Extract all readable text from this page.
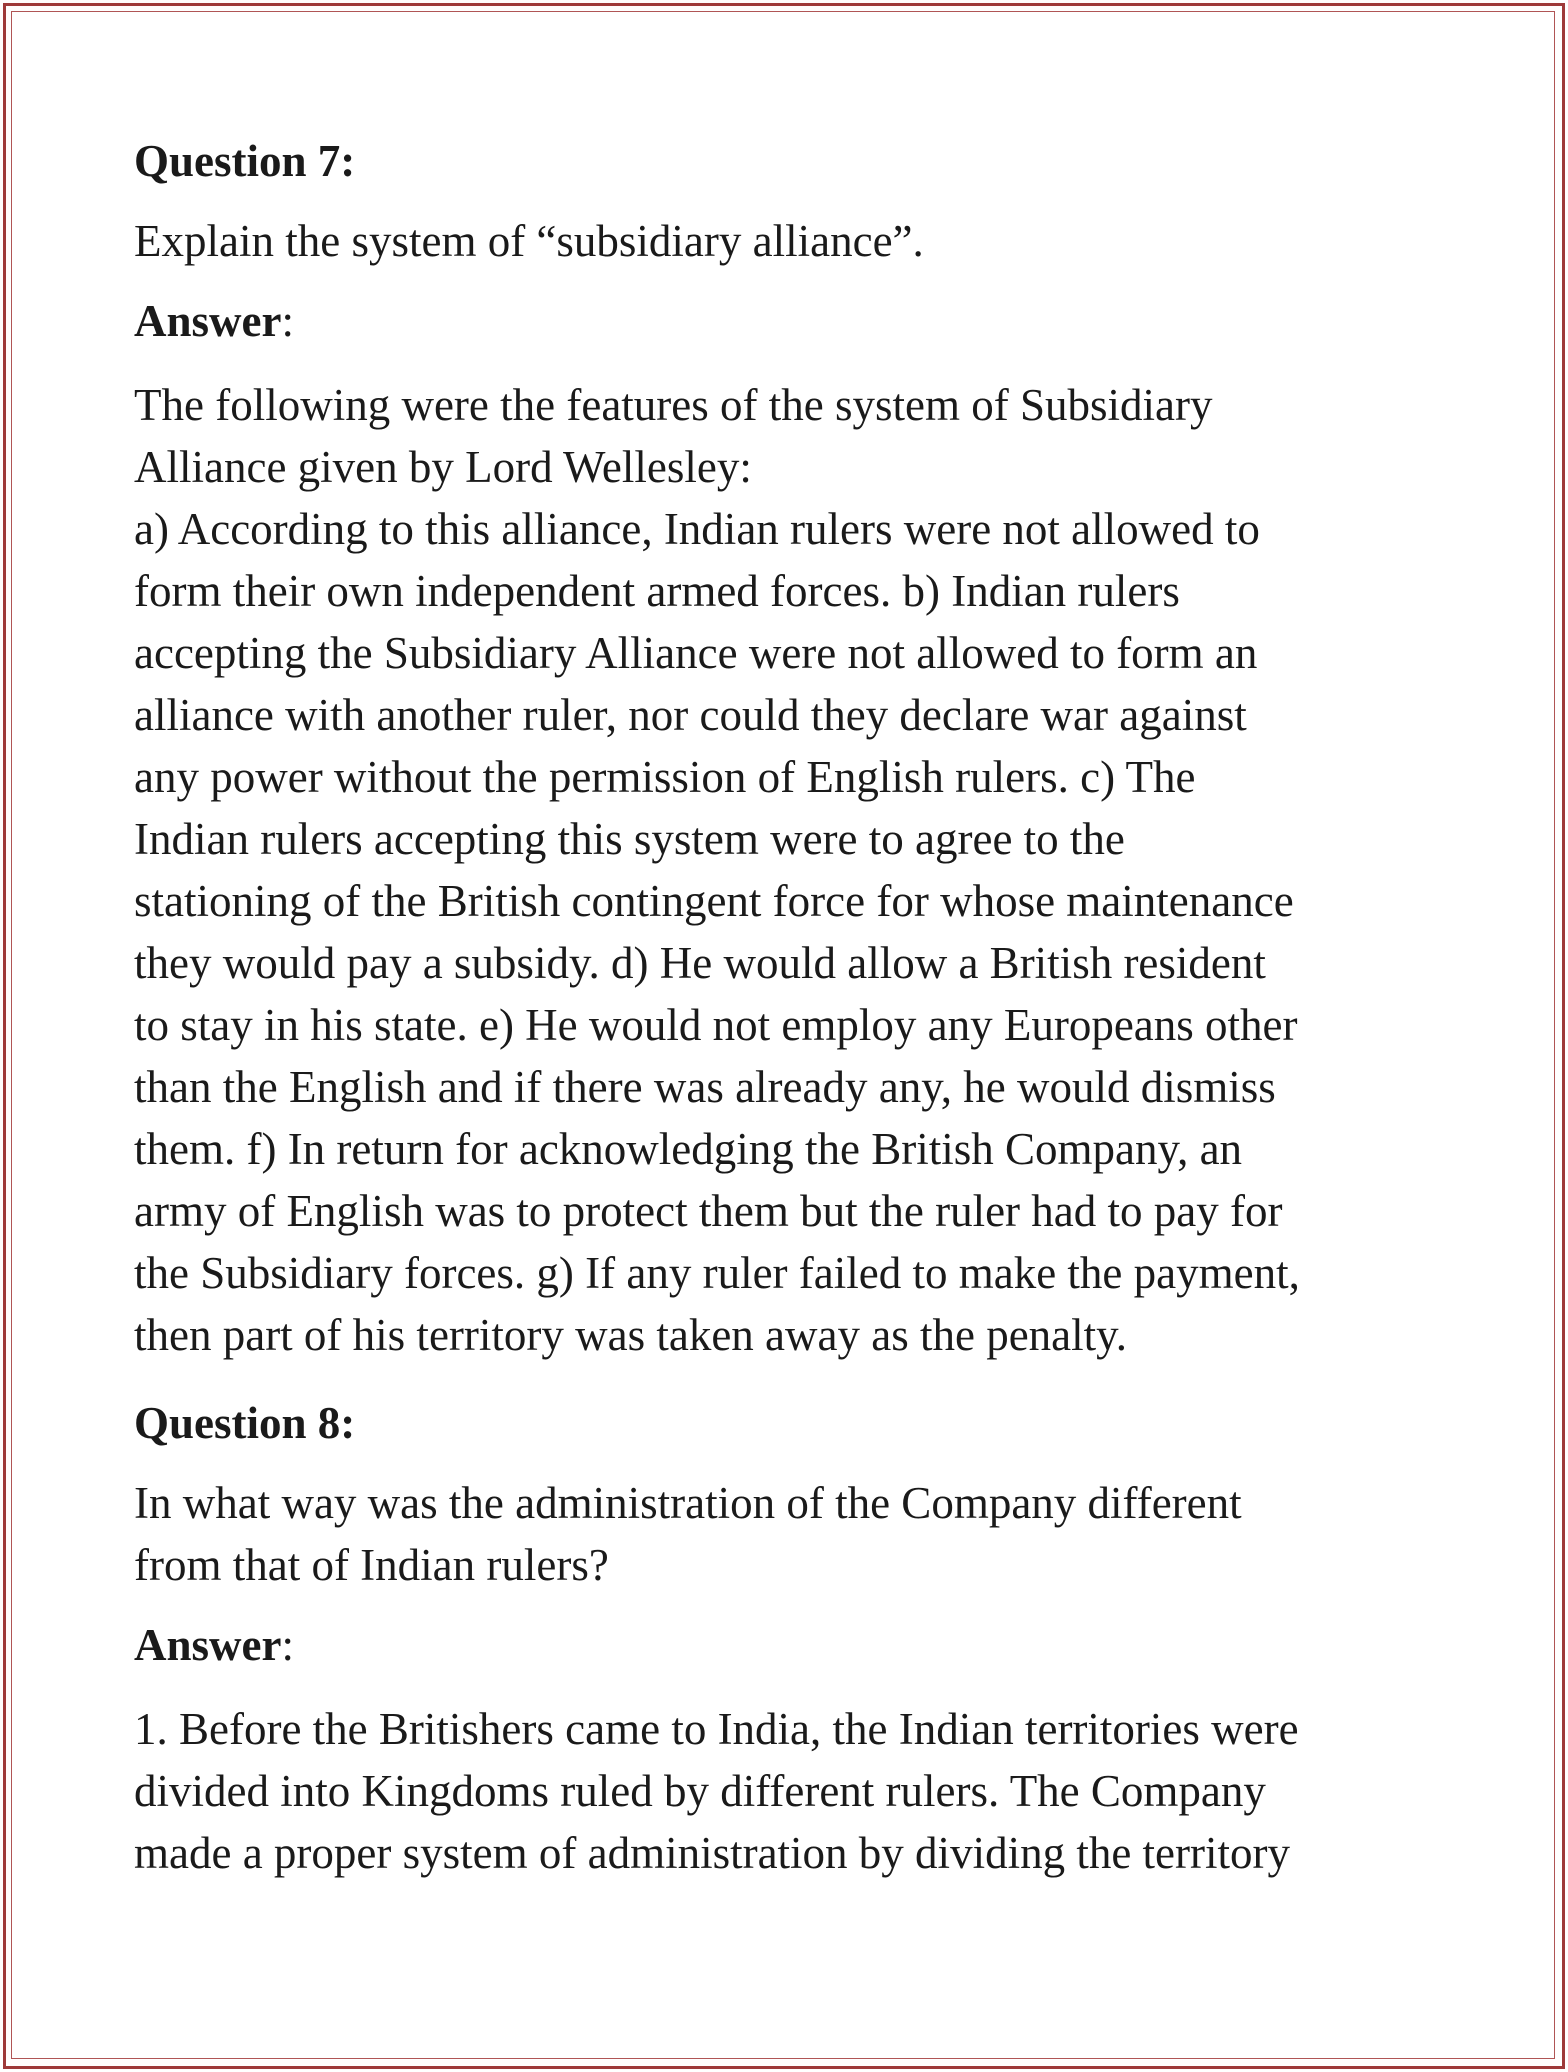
Question 7:

Explain the system of “subsidiary alliance”.

Answer:

The following were the features of the system of Subsidiary
Alliance given by Lord Wellesley:
a) According to this alliance, Indian rulers were not allowed to
form their own independent armed forces. b) Indian rulers
accepting the Subsidiary Alliance were not allowed to form an
alliance with another ruler, nor could they declare war against
any power without the permission of English rulers. c) The
Indian rulers accepting this system were to agree to the
stationing of the British contingent force for whose maintenance
they would pay a subsidy. d) He would allow a British resident
to stay in his state. e) He would not employ any Europeans other
than the English and if there was already any, he would dismiss
them. f) In return for acknowledging the British Company, an
army of English was to protect them but the ruler had to pay for
the Subsidiary forces. g) If any ruler failed to make the payment,
then part of his territory was taken away as the penalty.

Question 8:

In what way was the administration of the Company different
from that of Indian rulers?

Answer:

1. Before the Britishers came to India, the Indian territories were
divided into Kingdoms ruled by different rulers. The Company
made a proper system of administration by dividing the territory
